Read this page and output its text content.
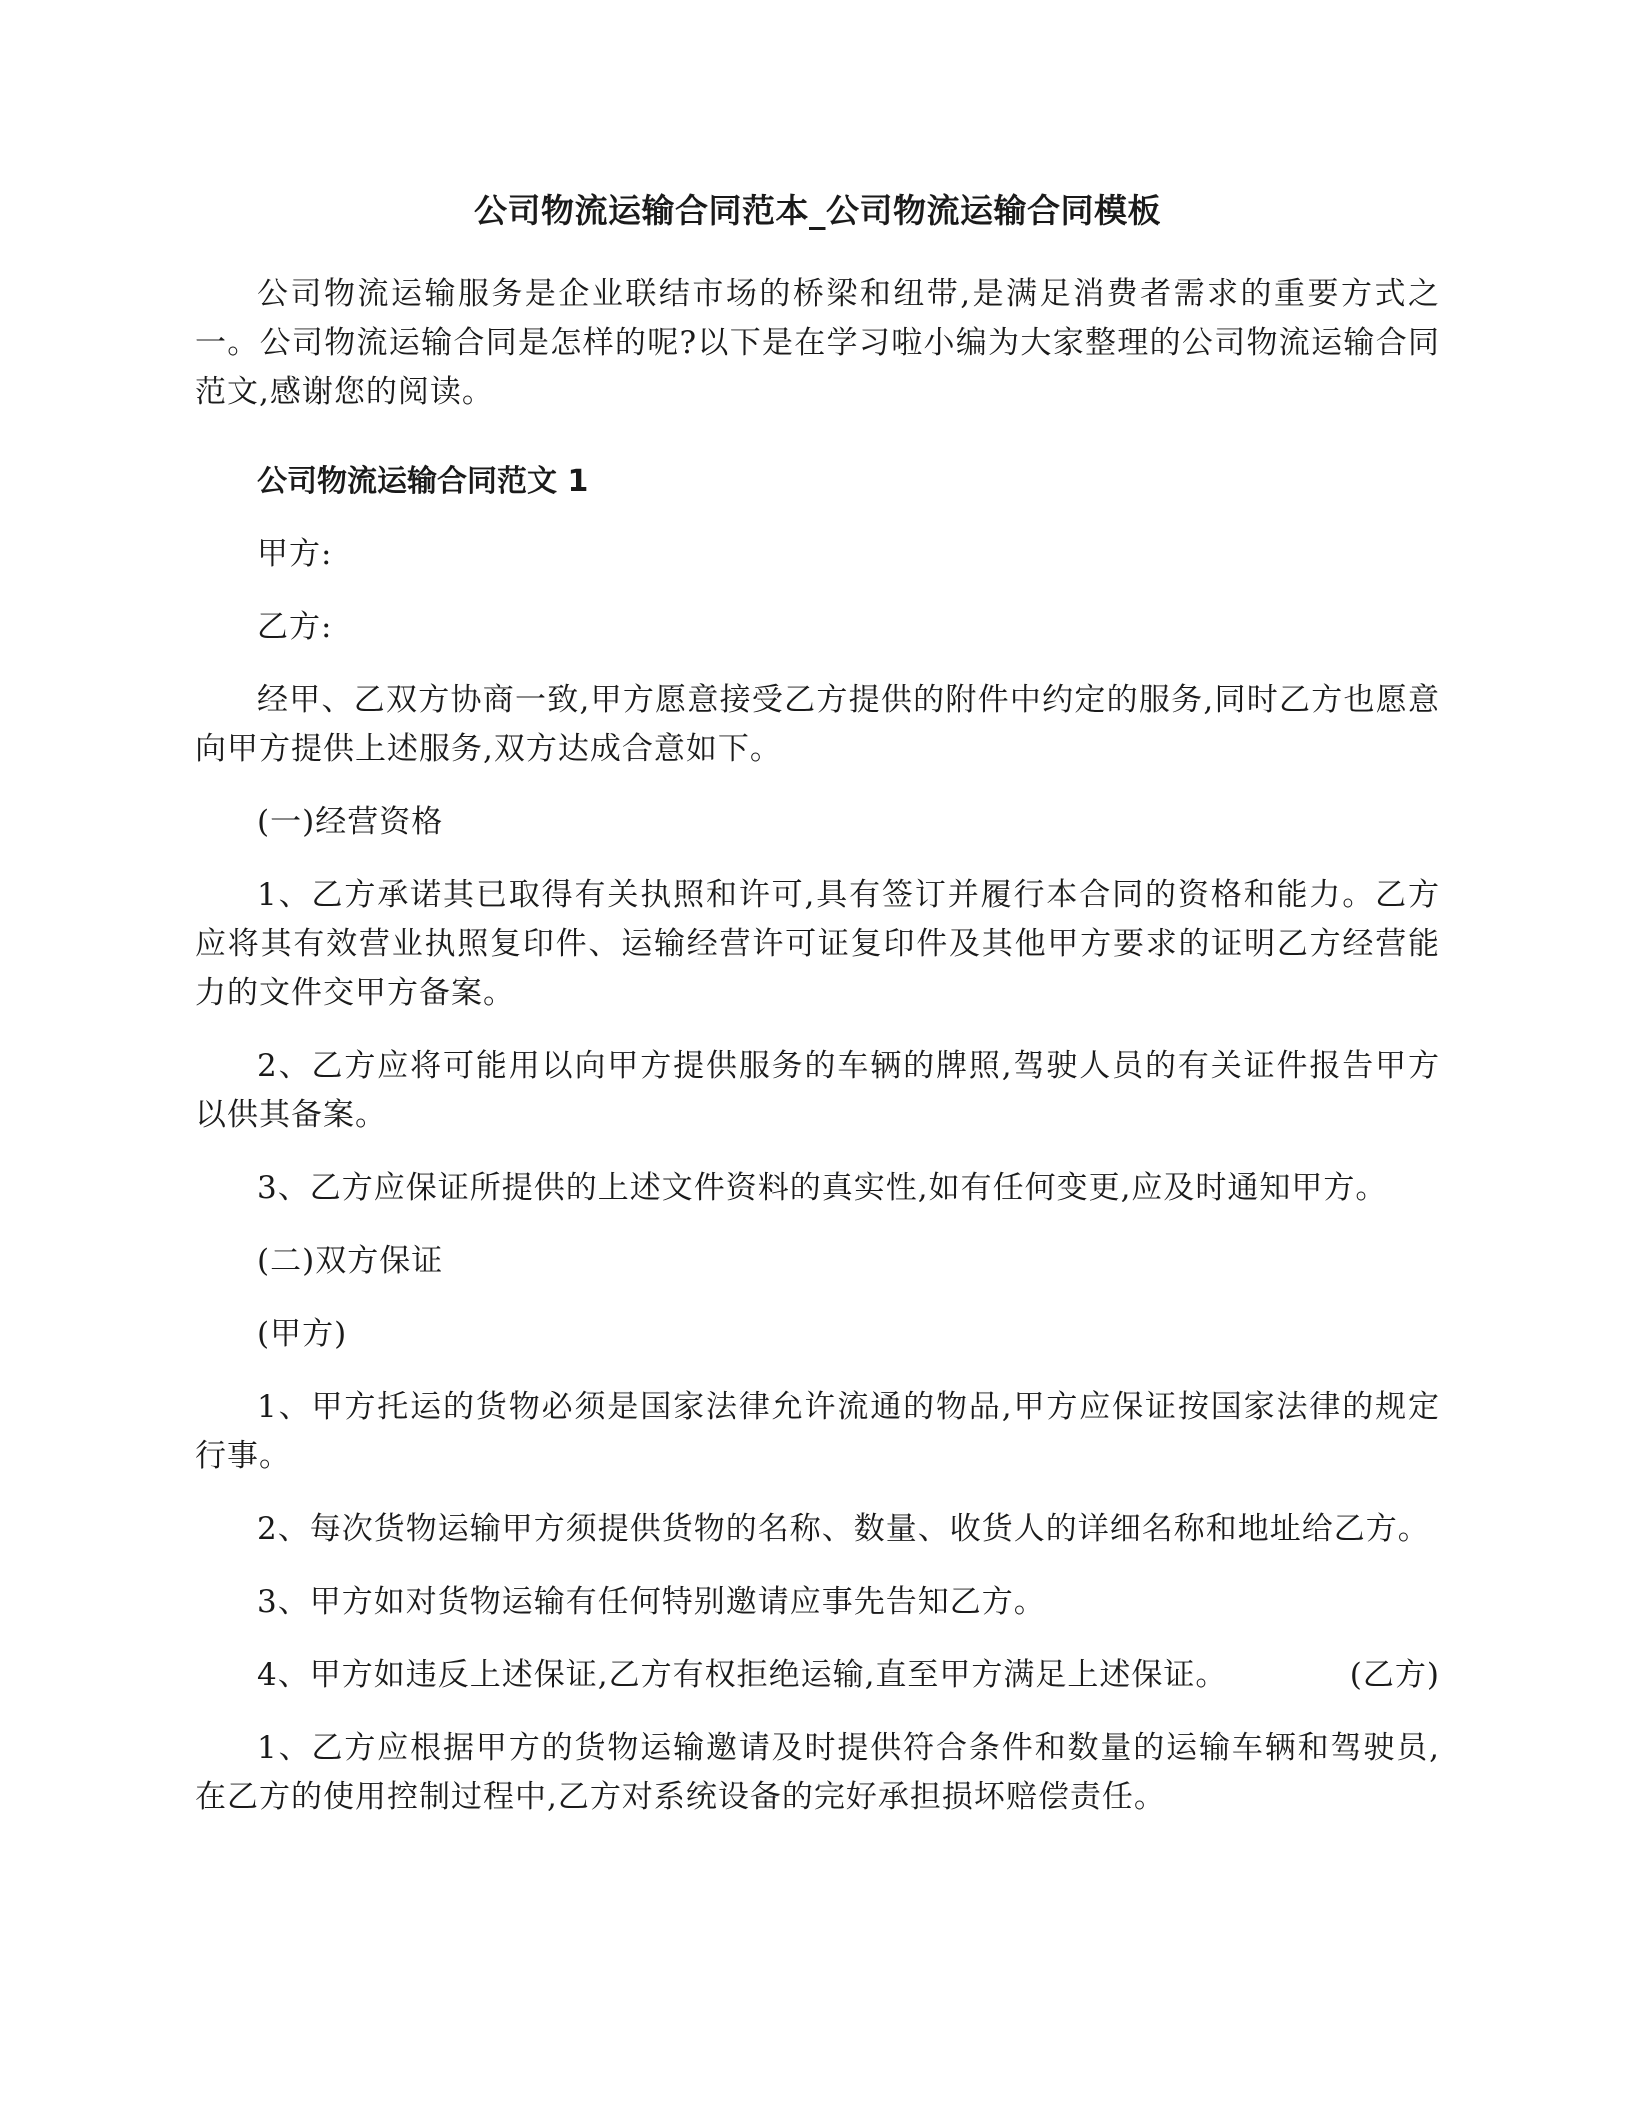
公司物流运输合同范本_公司物流运输合同模板

公司物流运输服务是企业联结市场的桥梁和纽带,是满足消费者需求的重要方式之一。公司物流运输合同是怎样的呢?以下是在学习啦小编为大家整理的公司物流运输合同范文,感谢您的阅读。

公司物流运输合同范文 1

甲方:

乙方:

经甲、乙双方协商一致,甲方愿意接受乙方提供的附件中约定的服务,同时乙方也愿意向甲方提供上述服务,双方达成合意如下。

(一)经营资格

1、乙方承诺其已取得有关执照和许可,具有签订并履行本合同的资格和能力。乙方应将其有效营业执照复印件、运输经营许可证复印件及其他甲方要求的证明乙方经营能力的文件交甲方备案。

2、乙方应将可能用以向甲方提供服务的车辆的牌照,驾驶人员的有关证件报告甲方以供其备案。

3、乙方应保证所提供的上述文件资料的真实性,如有任何变更,应及时通知甲方。

(二)双方保证

(甲方)

1、甲方托运的货物必须是国家法律允许流通的物品,甲方应保证按国家法律的规定行事。

2、每次货物运输甲方须提供货物的名称、数量、收货人的详细名称和地址给乙方。

3、甲方如对货物运输有任何特别邀请应事先告知乙方。

4、甲方如违反上述保证,乙方有权拒绝运输,直至甲方满足上述保证。	(乙方)

1、乙方应根据甲方的货物运输邀请及时提供符合条件和数量的运输车辆和驾驶员,在乙方的使用控制过程中,乙方对系统设备的完好承担损坏赔偿责任。
